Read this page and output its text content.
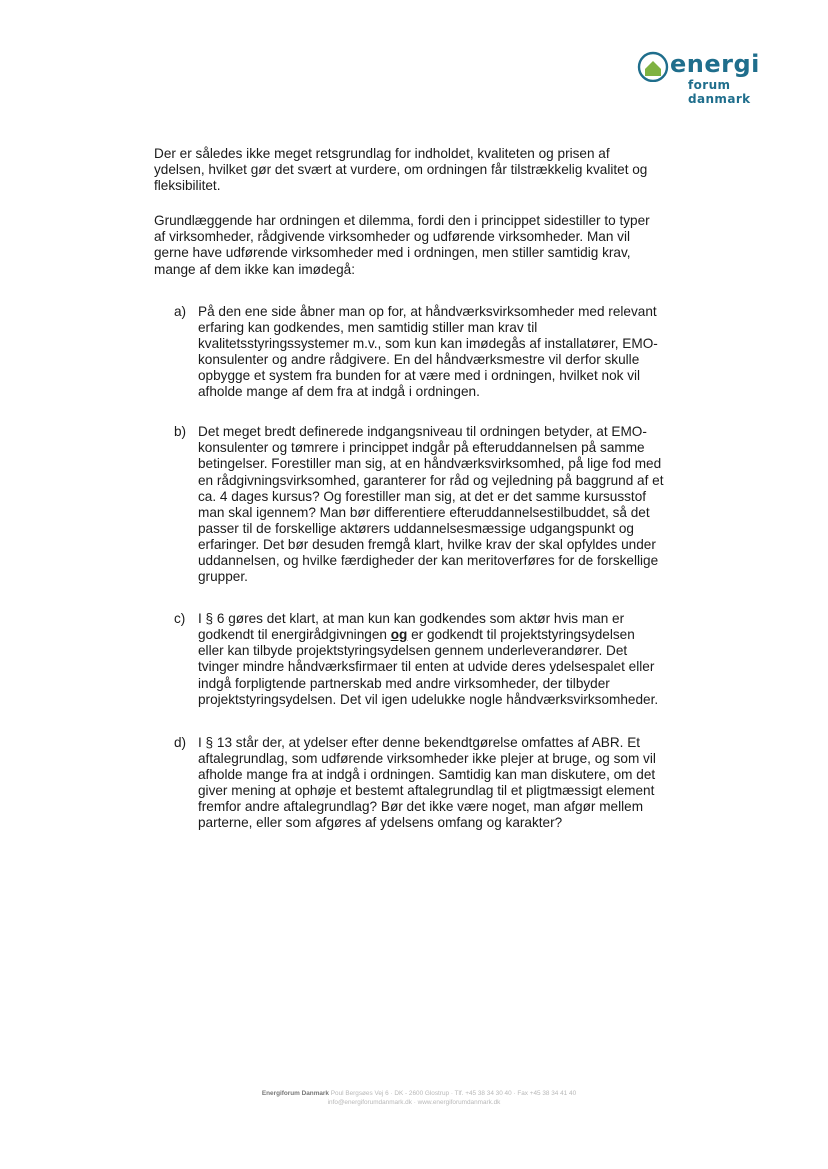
energi
forum danmark

Der er således ikke meget retsgrundlag for indholdet, kvaliteten og prisen af ydelsen, hvilket gør det svært at vurdere, om ordningen får tilstrækkelig kvalitet og fleksibilitet.

Grundlæggende har ordningen et dilemma, fordi den i princippet sidestiller to typer af virksomheder, rådgivende virksomheder og udførende virksomheder. Man vil gerne have udførende virksomheder med i ordningen, men stiller samtidig krav, mange af dem ikke kan imødegå:

a) På den ene side åbner man op for, at håndværksvirksomheder med relevant erfaring kan godkendes, men samtidig stiller man krav til kvalitetsstyringssystemer m.v., som kun kan imødegås af installatører, EMO-konsulenter og andre rådgivere. En del håndværksmestre vil derfor skulle opbygge et system fra bunden for at være med i ordningen, hvilket nok vil afholde mange af dem fra at indgå i ordningen.
b) Det meget bredt definerede indgangsniveau til ordningen betyder, at EMO-konsulenter og tømrere i princippet indgår på efteruddannelsen på samme betingelser. Forestiller man sig, at en håndværksvirksomhed, på lige fod med en rådgivningsvirksomhed, garanterer for råd og vejledning på baggrund af et ca. 4 dages kursus? Og forestiller man sig, at det er det samme kursusstof man skal igennem? Man bør differentiere efteruddannelsestilbuddet, så det passer til de forskellige aktørers uddannelsesmæssige udgangspunkt og erfaringer. Det bør desuden fremgå klart, hvilke krav der skal opfyldes under uddannelsen, og hvilke færdigheder der kan meritoverføres for de forskellige grupper.
c) I § 6 gøres det klart, at man kun kan godkendes som aktør hvis man er godkendt til energirådgivningen og er godkendt til projektstyringsydelsen eller kan tilbyde projektstyringsydelsen gennem underleverandører. Det tvinger mindre håndværksfirmaer til enten at udvide deres ydelsespalet eller indgå forpligtende partnerskab med andre virksomheder, der tilbyder projektstyringsydelsen. Det vil igen udelukke nogle håndværksvirksomheder.
d) I § 13 står der, at ydelser efter denne bekendtgørelse omfattes af ABR. Et aftalegrundlag, som udførende virksomheder ikke plejer at bruge, og som vil afholde mange fra at indgå i ordningen. Samtidig kan man diskutere, om det giver mening at ophøje et bestemt aftalegrundlag til et pligtmæssigt element fremfor andre aftalegrundlag? Bør det ikke være noget, man afgør mellem parterne, eller som afgøres af ydelsens omfang og karakter?
Energiforum Danmark Poul Bergsøes Vej 6 · DK - 2600 Glostrup · Tlf. +45 38 34 30 40 · Fax +45 38 34 41 40
info@energiforumdanmark.dk · www.energiforumdanmark.dk
